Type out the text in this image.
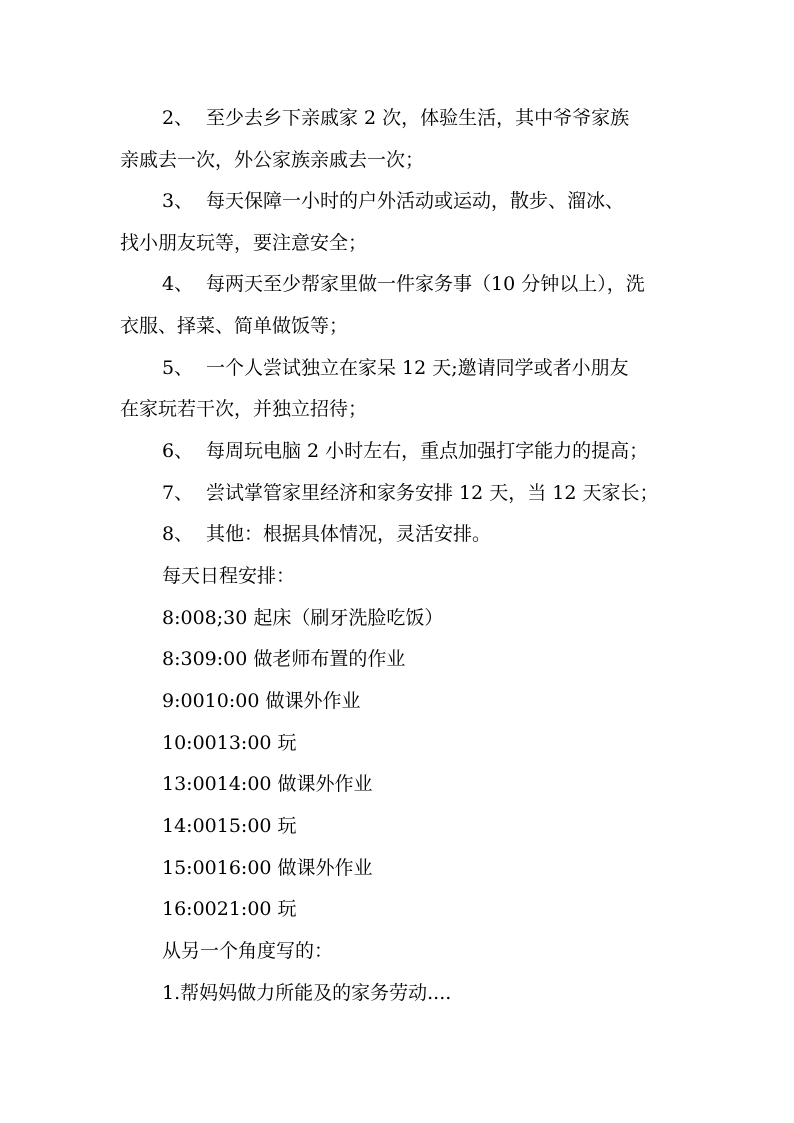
2、 至少去乡下亲戚家 2 次，体验生活，其中爷爷家族
亲戚去一次，外公家族亲戚去一次；
3、 每天保障一小时的户外活动或运动，散步、溜冰、
找小朋友玩等，要注意安全；
4、 每两天至少帮家里做一件家务事（10 分钟以上），洗
衣服、择菜、简单做饭等；
5、 一个人尝试独立在家呆 12 天;邀请同学或者小朋友
在家玩若干次，并独立招待；
6、 每周玩电脑 2 小时左右，重点加强打字能力的提高；
7、 尝试掌管家里经济和家务安排 12 天，当 12 天家长；
8、 其他：根据具体情况，灵活安排。
每天日程安排：
8:008;30 起床（刷牙洗脸吃饭）
8:309:00 做老师布置的作业
9:0010:00 做课外作业
10:0013:00 玩
13:0014:00 做课外作业
14:0015:00 玩
15:0016:00 做课外作业
16:0021:00 玩
从另一个角度写的：
1.帮妈妈做力所能及的家务劳动....
